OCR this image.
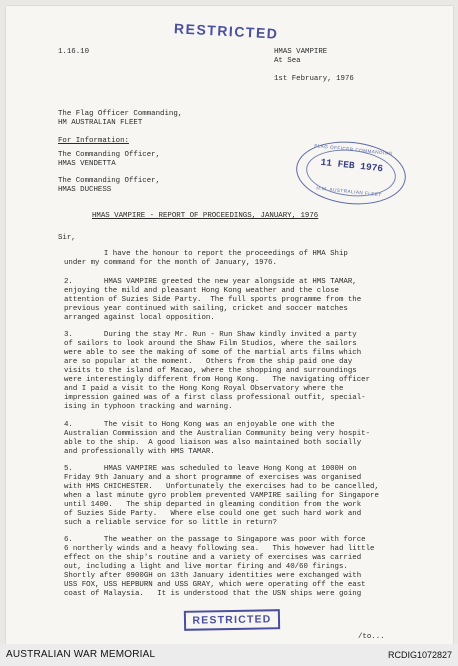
RESTRICTED
1.16.10	HMAS VAMPIRE
At Sea
1st February, 1976
The Flag Officer Commanding,
HM AUSTRALIAN FLEET
For Information:
The Commanding Officer,
HMAS VENDETTA
The Commanding Officer,
HMAS DUCHESS
FLAG OFFICER COMMANDING
11 FEB 1976
H.M. AUSTRALIAN FLEET
HMAS VAMPIRE - REPORT OF PROCEEDINGS, JANUARY, 1976
Sir,
I have the honour to report the proceedings of HMA Ship
under my command for the month of January, 1976.
2.       HMAS VAMPIRE greeted the new year alongside at HMS TAMAR,
enjoying the mild and pleasant Hong Kong weather and the close
attention of Suzies Side Party.  The full sports programme from the
previous year continued with sailing, cricket and soccer matches
arranged against local opposition.
3.       During the stay Mr. Run - Run Shaw kindly invited a party
of sailors to look around the Shaw Film Studios, where the sailors
were able to see the making of some of the martial arts films which
are so popular at the moment.   Others from the ship paid one day
visits to the island of Macao, where the shopping and surroundings
were interestingly different from Hong Kong.   The navigating officer
and I paid a visit to the Hong Kong Royal Observatory where the
impression gained was of a first class professional outfit, special-
ising in typhoon tracking and warning.
4.       The visit to Hong Kong was an enjoyable one with the
Australian Commission and the Australian Community being very hospit-
able to the ship.  A good liaison was also maintained both socially
and professionally with HMS TAMAR.
5.       HMAS VAMPIRE was scheduled to leave Hong Kong at 1000H on
Friday 9th January and a short programme of exercises was organised
with HMS CHICHESTER.   Unfortunately the exercises had to be cancelled,
when a last minute gyro problem prevented VAMPIRE sailing for Singapore
until 1400.   The ship departed in gleaming condition from the work
of Suzies Side Party.   Where else could one get such hard work and
such a reliable service for so little in return?
6.       The weather on the passage to Singapore was poor with force
6 northerly winds and a heavy following sea.   This however had little
effect on the ship's routine and a variety of exercises was carried
out, including a light and live mortar firing and 40/60 firings.
Shortly after 0900GH on 13th January identities were exchanged with
USS FOX, USS HEPBURN and USS GRAY, which were operating off the east
coast of Malaysia.   It is understood that the USN ships were going
/to...
RESTRICTED
AUSTRALIAN WAR MEMORIAL	RCDIG1072827
